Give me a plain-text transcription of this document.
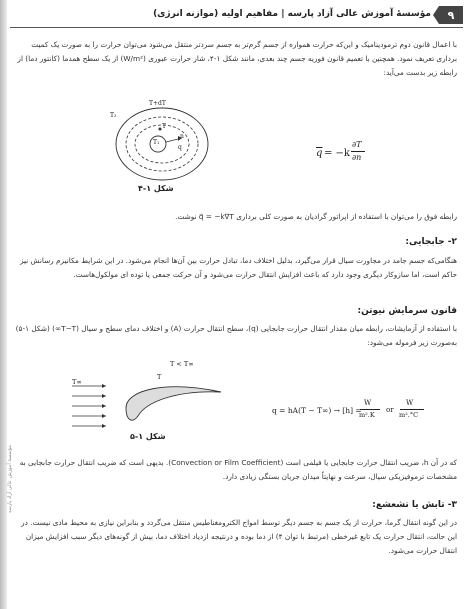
مؤسسهٔ آموزش عالی آزاد پارسه
۹
مؤسسهٔ آموزش عالی آزاد پارسه | مفاهیم اولیه (موازنه انرژی)
با اعمال قانون دوم ترمودینامیک و این‌که حرارت همواره از جسم گرم‌تر به جسم سردتر منتقل می‌شود می‌توان حرارت را به صورت یک کمیت برداری تعریف نمود. همچنین با تعمیم قانون فوریه جسم چند بعدی، مانند شکل ۱-۴، شار حرارت عبوری (W/m²) از یک سطح همدما (کانتور دما) از رابطه زیر بدست می‌آید:
T+dT
T
T₂
T₁
n
q
شکل ۱-۴
$\overline{q} = -k$
∂T
∂n
رابطه فوق را می‌توان با استفاده از اپراتور گرادیان به صورت کلی برداری q⃗ = −k∇T نوشت.
۲- جابجایی:
هنگامی‌که جسم جامد در مجاورت سیال قرار می‌گیرد، بدلیل اختلاف دما، تبادل حرارت بین آن‌ها انجام می‌شود. در این شرایط مکانیزم رسانش نیز حاکم است، اما سازوکار دیگری وجود دارد که باعث افزایش انتقال حرارت می‌شود و آن حرکت جمعی یا توده ای مولکول‌هاست.
قانون سرمایش نیوتن:
با استفاده از آزمایشات، رابطه میان مقدار انتقال حرارت جابجایی (q)، سطح انتقال حرارت (A) و اختلاف دمای سطح و سیال (T−T∞) (شکل ۱-۵) به‌صورت زیر فرموله می‌شود:
T < T∞
T∞
T
شکل ۱-۵
q = hA(T − T∞) → [h] =
W
m².K
or
W
m².°C
که در آن h، ضریب انتقال حرارت جابجایی یا فیلمی است (Convection or Film Coefficient). بدیهی است که ضریب انتقال حرارت جابجایی به مشخصات ترموفیزیکی سیال، سرعت و نهایتاً میدان جریان بستگی زیادی دارد.
۳- تابش یا تشعشع:
در این گونه انتقال گرما، حرارت از یک جسم به جسم دیگر توسط امواج الکترومغناطیس منتقل می‌گردد و بنابراین نیازی به محیط مادی نیست. در این حالت، انتقال حرارت یک تابع غیرخطی (مرتبط با توان ۴) از دما بوده و درنتیجه ازدیاد اختلاف دما، بیش از گونه‌های دیگر سبب افزایش میزان انتقال حرارت می‌شود.
